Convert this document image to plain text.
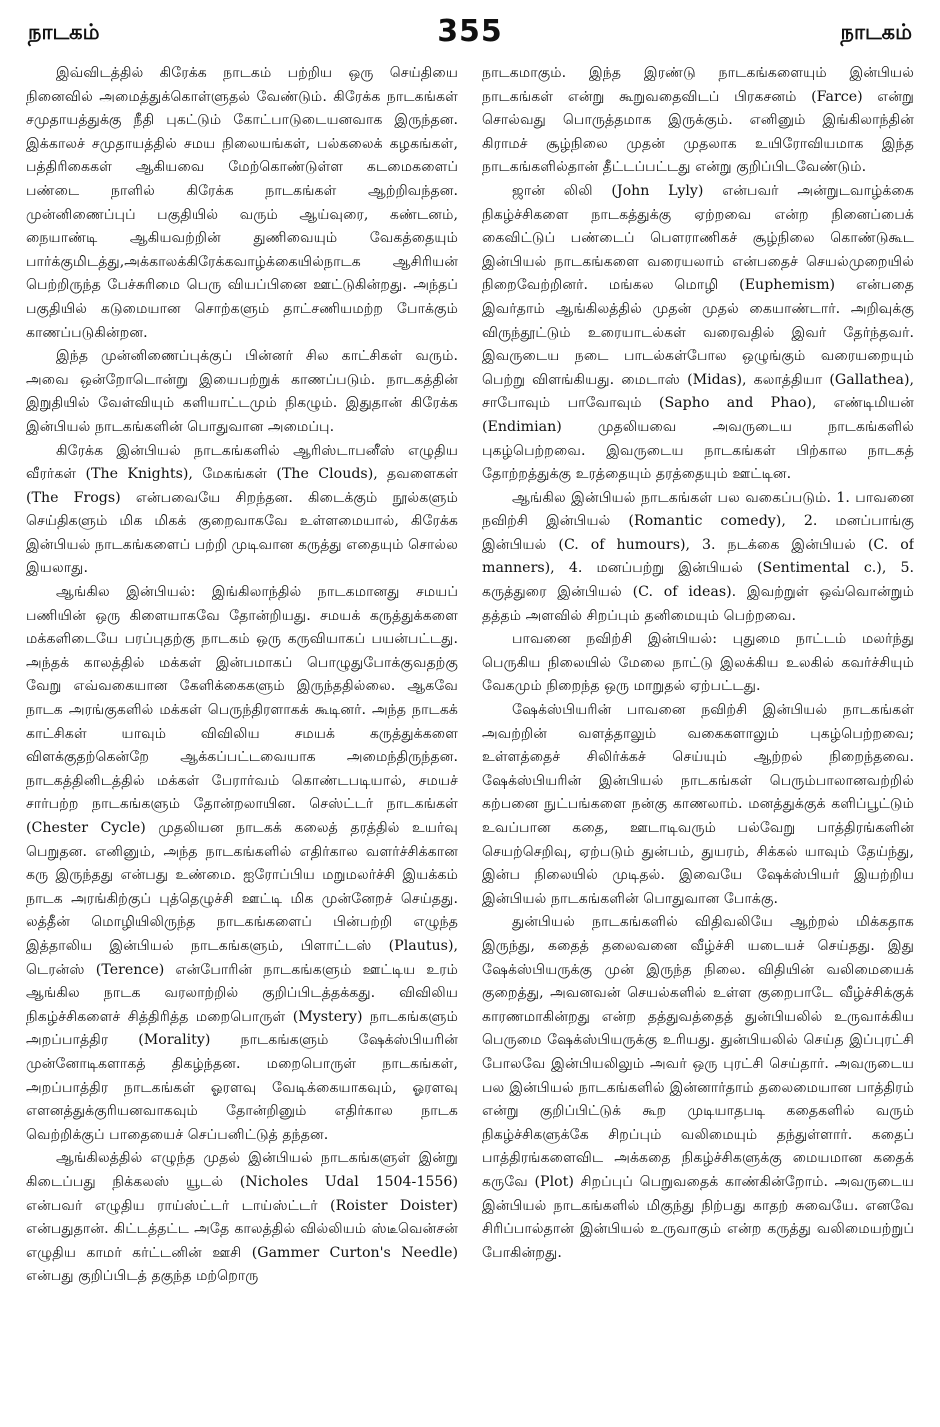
நாடகம்	355	நாடகம்

இவ்விடத்தில் கிரேக்க நாடகம் பற்றிய ஒரு செய்தியை நினைவில் அமைத்துக்கொள்ளுதல் வேண்டும். கிரேக்க நாடகங்கள் சமுதாயத்துக்கு நீதி புகட்டும் கோட்பாடுடையனவாக இருந்தன. இக்காலச் சமுதாயத்தில் சமய நிலையங்கள், பல்கலைக் கழகங்கள், பத்திரிகைகள் ஆகியவை மேற்கொண்டுள்ள கடமைகளைப் பண்டை நாளில் கிரேக்க நாடகங்கள் ஆற்றிவந்தன. முன்னிணைப்புப் பகுதியில் வரும் ஆய்வுரை, கண்டனம், நையாண்டி ஆகியவற்றின் துணிவையும் வேகத்தையும் பார்க்குமிடத்து,அக்காலக்கிரேக்கவாழ்க்கையில்நாடக ஆசிரியன் பெற்றிருந்த பேச்சுரிமை பெரு வியப்பினை ஊட்டுகின்றது. அந்தப் பகுதியில் கடுமையான சொற்களும் தாட்சணியமற்ற போக்கும் காணப்படுகின்றன.

இந்த முன்னிணைப்புக்குப் பின்னர் சில காட்சிகள் வரும். அவை ஒன்றோடொன்று இயைபற்றுக் காணப்படும். நாடகத்தின் இறுதியில் வேள்வியும் களியாட்டமும் நிகழும். இதுதான் கிரேக்க இன்பியல் நாடகங்களின் பொதுவான அமைப்பு.

கிரேக்க இன்பியல் நாடகங்களில் ஆரிஸ்டாபனீஸ் எழுதிய வீரர்கள் (The Knights), மேகங்கள் (The Clouds), தவளைகள் (The Frogs) என்பவையே சிறந்தன. கிடைக்கும் நூல்களும் செய்திகளும் மிக மிகக் குறைவாகவே உள்ளமையால், கிரேக்க இன்பியல் நாடகங்களைப் பற்றி முடிவான கருத்து எதையும் சொல்ல இயலாது.

ஆங்கில இன்பியல்: இங்கிலாந்தில் நாடகமானது சமயப் பணியின் ஒரு கிளையாகவே தோன்றியது. சமயக் கருத்துக்களை மக்களிடையே பரப்புதற்கு நாடகம் ஒரு கருவியாகப் பயன்பட்டது. அந்தக் காலத்தில் மக்கள் இன்பமாகப் பொழுதுபோக்குவதற்கு வேறு எவ்வகையான கேளிக்கைகளும் இருந்ததில்லை. ஆகவே நாடக அரங்குகளில் மக்கள் பெருந்திரளாகக் கூடினர். அந்த நாடகக் காட்சிகள் யாவும் விவிலிய சமயக் கருத்துக்களை விளக்குதற்கென்றே ஆக்கப்பட்டவையாக அமைந்திருந்தன. நாடகத்தினிடத்தில் மக்கள் பேரார்வம் கொண்டபடியால், சமயச் சார்பற்ற நாடகங்களும் தோன்றலாயின. செஸ்ட்டர் நாடகங்கள் (Chester Cycle) முதலியன நாடகக் கலைத் தரத்தில் உயர்வு பெறுதன. எனினும், அந்த நாடகங்களில் எதிர்கால வளர்ச்சிக்கான கரு இருந்தது என்பது உண்மை. ஐரோப்பிய மறுமலர்ச்சி இயக்கம் நாடக அரங்கிற்குப் புத்தெழுச்சி ஊட்டி மிக முன்னேறச் செய்தது. லத்தீன் மொழியிலிருந்த நாடகங்களைப் பின்பற்றி எழுந்த இத்தாலிய இன்பியல் நாடகங்களும், பிளாட்டஸ் (Plautus), டெரன்ஸ் (Terence) என்போரின் நாடகங்களும் ஊட்டிய உரம் ஆங்கில நாடக வரலாற்றில் குறிப்பிடத்தக்கது. விவிலிய நிகழ்ச்சிகளைச் சித்திரித்த மறைபொருள் (Mystery) நாடகங்களும் அறப்பாத்திர (Morality) நாடகங்களும் ஷேக்ஸ்பியரின் முன்னோடிகளாகத் திகழ்ந்தன. மறைபொருள் நாடகங்கள், அறப்பாத்திர நாடகங்கள் ஓரளவு வேடிக்கையாகவும், ஓரளவு எளனத்துக்குரியனவாகவும் தோன்றினும் எதிர்கால நாடக வெற்றிக்குப் பாதையைச் செப்பனிட்டுத் தந்தன.

ஆங்கிலத்தில் எழுந்த முதல் இன்பியல் நாடகங்களுள் இன்று கிடைப்பது நிக்கலஸ் யூடல் (Nicholes Udal 1504-1556) என்பவர் எழுதிய ராய்ஸ்ட்டர் டாய்ஸ்ட்டர் (Roister Doister) என்பதுதான். கிட்டத்தட்ட அதே காலத்தில் வில்லியம் ஸ்டீவென்சன் எழுதிய காமர் கர்ட்டனின் ஊசி (Gammer Curton's Needle) என்பது குறிப்பிடத் தகுந்த மற்றொரு

நாடகமாகும். இந்த இரண்டு நாடகங்களையும் இன்பியல் நாடகங்கள் என்று கூறுவதைவிடப் பிரகசனம் (Farce) என்று சொல்வது பொருத்தமாக இருக்கும். எனினும் இங்கிலாந்தின் கிராமச் சூழ்நிலை முதன் முதலாக உயிரோவியமாக இந்த நாடகங்களில்தான் தீட்டப்பட்டது என்று குறிப்பிடவேண்டும்.

ஜான் லிலி (John Lyly) என்பவர் அன்றுடவாழ்க்கை நிகழ்ச்சிகளை நாடகத்துக்கு ஏற்றவை என்ற நினைப்பைக் கைவிட்டுப் பண்டைப் பௌராணிகச் சூழ்நிலை கொண்டுகூட இன்பியல் நாடகங்களை வரையலாம் என்பதைச் செயல்முறையில் நிறைவேற்றினர். மங்கல மொழி (Euphemism) என்பதை இவர்தாம் ஆங்கிலத்தில் முதன் முதல் கையாண்டார். அறிவுக்கு விருந்தூட்டும் உரையாடல்கள் வரைவதில் இவர் தேர்ந்தவர். இவருடைய நடை பாடல்கள்போல ஒழுங்கும் வரையறையும் பெற்று விளங்கியது. மைடாஸ் (Midas), கலாத்தியா (Gallathea), சாபோவும் பாவோவும் (Sapho and Phao), எண்டிமியன் (Endimian) முதலியவை அவருடைய நாடகங்களில் புகழ்பெற்றவை. இவருடைய நாடகங்கள் பிற்கால நாடகத் தோற்றத்துக்கு உரத்தையும் தரத்தையும் ஊட்டின.

ஆங்கில இன்பியல் நாடகங்கள் பல வகைப்படும். 1. பாவனை நவிற்சி இன்பியல் (Romantic comedy), 2. மனப்பாங்கு இன்பியல் (C. of humours), 3. நடக்கை இன்பியல் (C. of manners), 4. மனப்பற்று இன்பியல் (Sentimental c.), 5. கருத்துரை இன்பியல் (C. of ideas). இவற்றுள் ஒவ்வொன்றும் தத்தம் அளவில் சிறப்பும் தனிமையும் பெற்றவை.

பாவனை நவிற்சி இன்பியல்: புதுமை நாட்டம் மலர்ந்து பெருகிய நிலையில் மேலை நாட்டு இலக்கிய உலகில் கவர்ச்சியும் வேகமும் நிறைந்த ஒரு மாறுதல் ஏற்பட்டது.

ஷேக்ஸ்பியரின் பாவனை நவிற்சி இன்பியல் நாடகங்கள் அவற்றின் வளத்தாலும் வகைகளாலும் புகழ்பெற்றவை; உள்ளத்தைச் சிலிர்க்கச் செய்யும் ஆற்றல் நிறைந்தவை. ஷேக்ஸ்பியரின் இன்பியல் நாடகங்கள் பெரும்பாலானவற்றில் கற்பனை நுட்பங்களை நன்கு காணலாம். மனத்துக்குக் களிப்பூட்டும் உவப்பான கதை, ஊடாடிவரும் பல்வேறு பாத்திரங்களின் செயற்செறிவு, ஏற்படும் துன்பம், துயரம், சிக்கல் யாவும் தேய்ந்து, இன்ப நிலையில் முடிதல். இவையே ஷேக்ஸ்பியர் இயற்றிய இன்பியல் நாடகங்களின் பொதுவான போக்கு.

துன்பியல் நாடகங்களில் விதிவலியே ஆற்றல் மிக்கதாக இருந்து, கதைத் தலைவனை வீழ்ச்சி யடையச் செய்தது. இது ஷேக்ஸ்பியருக்கு முன் இருந்த நிலை. விதியின் வலிமையைக் குறைத்து, அவனவன் செயல்களில் உள்ள குறைபாடே வீழ்ச்சிக்குக் காரணமாகின்றது என்ற தத்துவத்தைத் துன்பியலில் உருவாக்கிய பெருமை ஷேக்ஸ்பியருக்கு உரியது. துன்பியலில் செய்த இப்புரட்சி போலவே இன்பியலிலும் அவர் ஒரு புரட்சி செய்தார். அவருடைய பல இன்பியல் நாடகங்களில் இன்னார்தாம் தலைமையான பாத்திரம் என்று குறிப்பிட்டுக் கூற முடியாதபடி கதைகளில் வரும் நிகழ்ச்சிகளுக்கே சிறப்பும் வலிமையும் தந்துள்ளார். கதைப் பாத்திரங்களைவிட அக்கதை நிகழ்ச்சிகளுக்கு மையமான கதைக் கருவே (Plot) சிறப்புப் பெறுவதைக் காண்கின்றோம். அவருடைய இன்பியல் நாடகங்களில் மிகுந்து நிற்பது காதற் சுவையே. எனவே சிரிப்பால்தான் இன்பியல் உருவாகும் என்ற கருத்து வலிமையற்றுப் போகின்றது.
